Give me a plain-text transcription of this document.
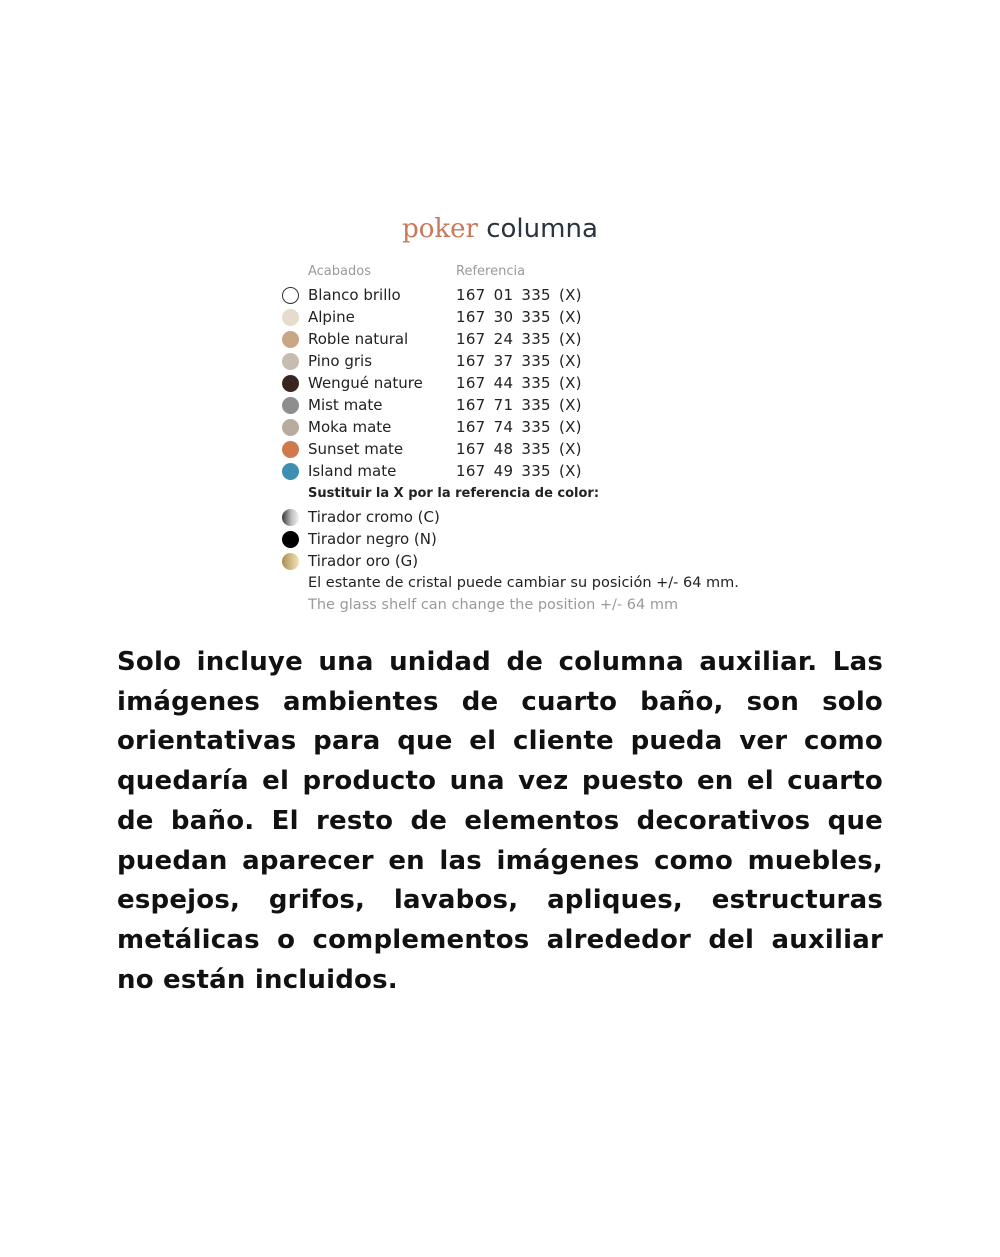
poker columna
Acabados	Referencia
Blanco brillo	167 01 335 (X)
Alpine	167 30 335 (X)
Roble natural	167 24 335 (X)
Pino gris	167 37 335 (X)
Wengué nature 167 44 335 (X)
Mist mate	167 71 335 (X)
Moka mate	167 74 335 (X)
Sunset mate	167 48 335 (X)
Island mate	167 49 335 (X)
Sustituir la X por la referencia de color:
Tirador cromo (C)
Tirador negro (N)
Tirador oro (G)
El estante de cristal puede cambiar su posición +/- 64 mm.
The glass shelf can change the position +/- 64 mm
Solo incluye una unidad de columna auxiliar. Las imágenes ambientes de cuarto baño, son solo orientativas para que el cliente pueda ver como quedaría el producto una vez puesto en el cuarto de baño. El resto de elementos decorativos que puedan aparecer en las imágenes como muebles, espejos, grifos, lavabos, apliques, estructuras metálicas o complementos alrededor del auxiliar no están incluidos.
